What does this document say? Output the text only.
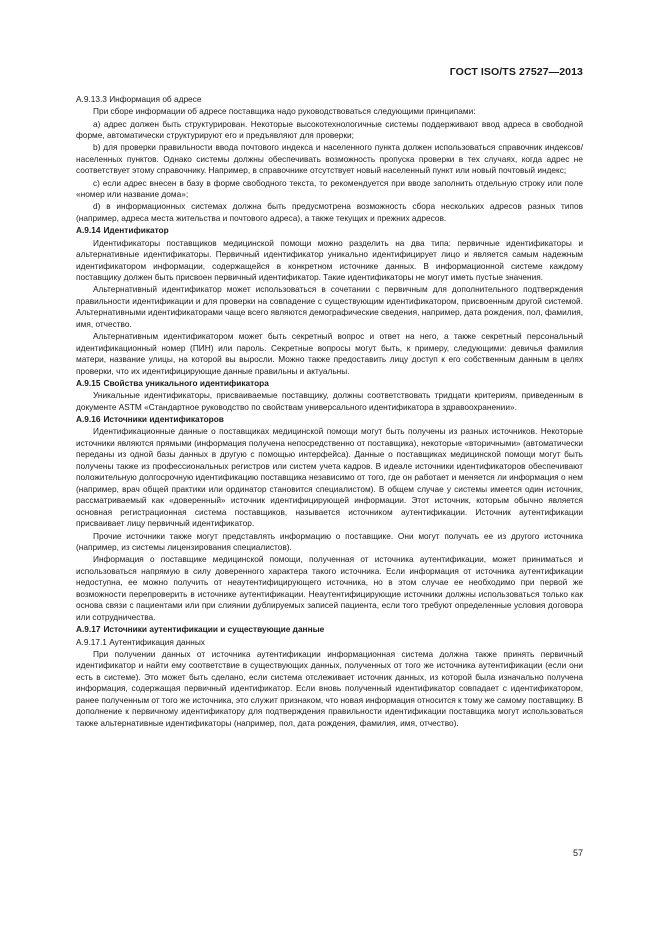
ГОСТ ISO/TS 27527—2013

А.9.13.3 Информация об адресе

При сборе информации об адресе поставщика надо руководствоваться следующими принципами:

а) адрес должен быть структурирован. Некоторые высокотехнологичные системы поддерживают ввод адреса в свободной форме, автоматически структурируют его и предъявляют для проверки;

b) для проверки правильности ввода почтового индекса и населенного пункта должен использоваться справочник индексов/населенных пунктов. Однако системы должны обеспечивать возможность пропуска проверки в тех случаях, когда адрес не соответствует этому справочнику. Например, в справочнике отсутствует новый населенный пункт или новый почтовый индекс;

c) если адрес внесен в базу в форме свободного текста, то рекомендуется при вводе заполнить отдельную строку или поле «номер или название дома»;

d) в информационных системах должна быть предусмотрена возможность сбора нескольких адресов разных типов (например, адреса места жительства и почтового адреса), а также текущих и прежних адресов.

А.9.14 Идентификатор

Идентификаторы поставщиков медицинской помощи можно разделить на два типа: первичные идентификаторы и альтернативные идентификаторы. Первичный идентификатор уникально идентифицирует лицо и является самым надежным идентификатором информации, содержащейся в конкретном источнике данных. В информационной системе каждому поставщику должен быть присвоен первичный идентификатор. Такие идентификаторы не могут иметь пустые значения.

Альтернативный идентификатор может использоваться в сочетании с первичным для дополнительного подтверждения правильности идентификации и для проверки на совпадение с существующим идентификатором, присвоенным другой системой. Альтернативными идентификаторами чаще всего являются демографические сведения, например, дата рождения, пол, фамилия, имя, отчество.

Альтернативным идентификатором может быть секретный вопрос и ответ на него, а также секретный персональный идентификационный номер (ПИН) или пароль. Секретные вопросы могут быть, к примеру, следующими: девичья фамилия матери, название улицы, на которой вы выросли. Можно также предоставить лицу доступ к его собственным данным в целях проверки, что их идентифицирующие данные правильны и актуальны.

А.9.15 Свойства уникального идентификатора

Уникальные идентификаторы, присваиваемые поставщику, должны соответствовать тридцати критериям, приведенным в документе ASTM «Стандартное руководство по свойствам универсального идентификатора в здравоохранении».

А.9.16 Источники идентификаторов

Идентификационные данные о поставщиках медицинской помощи могут быть получены из разных источников. Некоторые источники являются прямыми (информация получена непосредственно от поставщика), некоторые «вторичными» (автоматически переданы из одной базы данных в другую с помощью интерфейса). Данные о поставщиках медицинской помощи могут быть получены также из профессиональных регистров или систем учета кадров. В идеале источники идентификаторов обеспечивают положительную долгосрочную идентификацию поставщика независимо от того, где он работает и меняется ли информация о нем (например, врач общей практики или ординатор становится специалистом). В общем случае у системы имеется один источник, рассматриваемый как «доверенный» источник идентифицирующей информации. Этот источник, которым обычно является основная регистрационная система поставщиков, называется источником аутентификации. Источник аутентификации присваивает лицу первичный идентификатор.

Прочие источники также могут представлять информацию о поставщике. Они могут получать ее из другого источника (например, из системы лицензирования специалистов).

Информация о поставщике медицинской помощи, полученная от источника аутентификации, может приниматься и использоваться напрямую в силу доверенного характера такого источника. Если информация от источника аутентификации недоступна, ее можно получить от неаутентифицирующего источника, но в этом случае ее необходимо при первой же возможности перепроверить в источнике аутентификации. Неаутентифицирующие источники должны использоваться только как основа связи с пациентами или при слиянии дублируемых записей пациента, если того требуют определенные условия договора или сотрудничества.

А.9.17 Источники аутентификации и существующие данные

А.9.17.1 Аутентификация данных

При получении данных от источника аутентификации информационная система должна также принять первичный идентификатор и найти ему соответствие в существующих данных, полученных от того же источника аутентификации (если они есть в системе). Это может быть сделано, если система отслеживает источник данных, из которой была изначально получена информация, содержащая первичный идентификатор. Если вновь полученный идентификатор совпадает с идентификатором, ранее полученным от того же источника, это служит признаком, что новая информация относится к тому же самому поставщику. В дополнение к первичному идентификатору для подтверждения правильности идентификации поставщика могут использоваться также альтернативные идентификаторы (например, пол, дата рождения, фамилия, имя, отчество).

57
